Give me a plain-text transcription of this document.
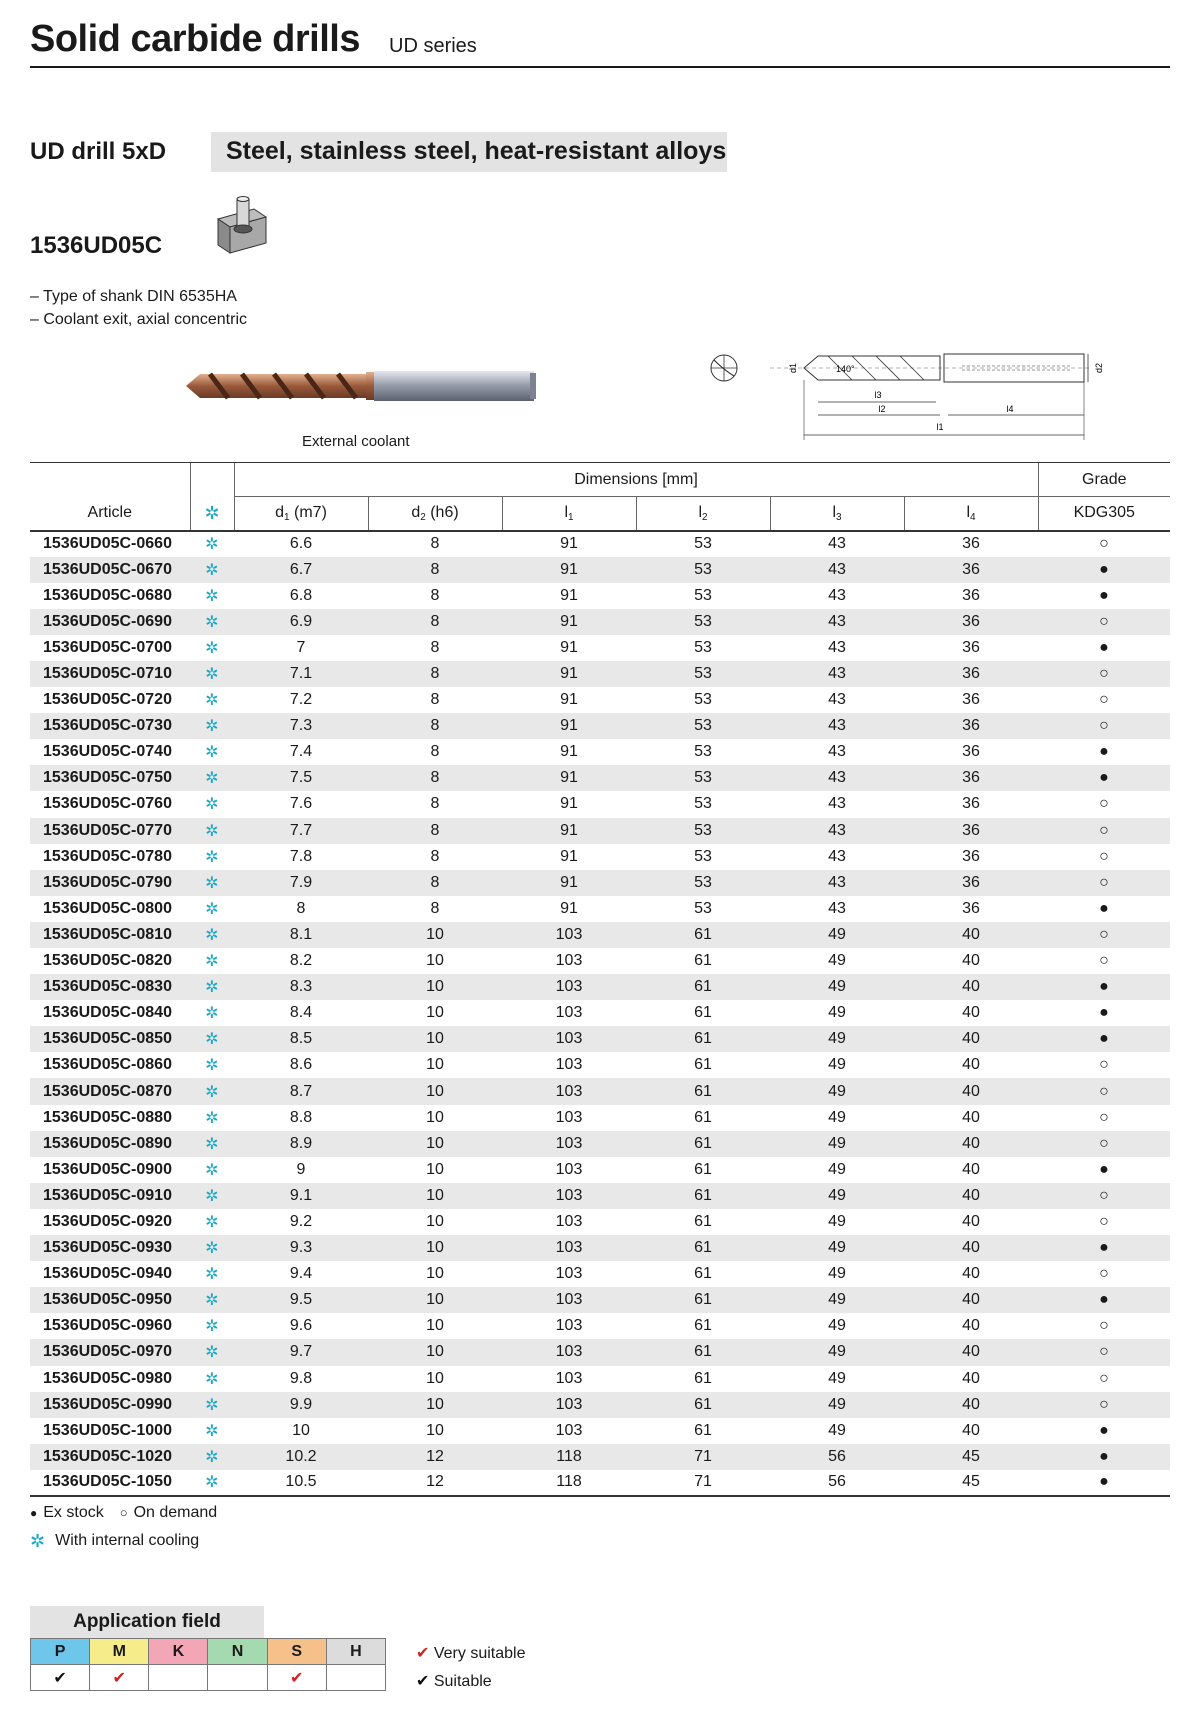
Solid carbide drills UD series
UD drill 5xD	Steel, stainless steel, heat-resistant alloys
1536UD05C
– Type of shank DIN 6535HA
– Coolant exit, axial concentric
External coolant
d1	140°	d2
l3
l2	l4
l1
Article	✲	Dimensions [mm]						Grade
		$d_1$ (m7)	$d_2$ (h6)	$l_1$	$l_2$	$l_3$	$l_4$	KDG305
1536UD05C-0660	✲	6.6	8	91	53	43	36	○
1536UD05C-0670	✲	6.7	8	91	53	43	36	●
1536UD05C-0680	✲	6.8	8	91	53	43	36	●
1536UD05C-0690	✲	6.9	8	91	53	43	36	○
1536UD05C-0700	✲	7	8	91	53	43	36	●
1536UD05C-0710	✲	7.1	8	91	53	43	36	○
1536UD05C-0720	✲	7.2	8	91	53	43	36	○
1536UD05C-0730	✲	7.3	8	91	53	43	36	○
1536UD05C-0740	✲	7.4	8	91	53	43	36	●
1536UD05C-0750	✲	7.5	8	91	53	43	36	●
1536UD05C-0760	✲	7.6	8	91	53	43	36	○
1536UD05C-0770	✲	7.7	8	91	53	43	36	○
1536UD05C-0780	✲	7.8	8	91	53	43	36	○
1536UD05C-0790	✲	7.9	8	91	53	43	36	○
1536UD05C-0800	✲	8	8	91	53	43	36	●
1536UD05C-0810	✲	8.1	10	103	61	49	40	○
1536UD05C-0820	✲	8.2	10	103	61	49	40	○
1536UD05C-0830	✲	8.3	10	103	61	49	40	●
1536UD05C-0840	✲	8.4	10	103	61	49	40	●
1536UD05C-0850	✲	8.5	10	103	61	49	40	●
1536UD05C-0860	✲	8.6	10	103	61	49	40	○
1536UD05C-0870	✲	8.7	10	103	61	49	40	○
1536UD05C-0880	✲	8.8	10	103	61	49	40	○
1536UD05C-0890	✲	8.9	10	103	61	49	40	○
1536UD05C-0900	✲	9	10	103	61	49	40	●
1536UD05C-0910	✲	9.1	10	103	61	49	40	○
1536UD05C-0920	✲	9.2	10	103	61	49	40	○
1536UD05C-0930	✲	9.3	10	103	61	49	40	●
1536UD05C-0940	✲	9.4	10	103	61	49	40	○
1536UD05C-0950	✲	9.5	10	103	61	49	40	●
1536UD05C-0960	✲	9.6	10	103	61	49	40	○
1536UD05C-0970	✲	9.7	10	103	61	49	40	○
1536UD05C-0980	✲	9.8	10	103	61	49	40	○
1536UD05C-0990	✲	9.9	10	103	61	49	40	○
1536UD05C-1000	✲	10	10	103	61	49	40	●
1536UD05C-1020	✲	10.2	12	118	71	56	45	●
1536UD05C-1050	✲	10.5	12	118	71	56	45	●
● Ex stock ○ On demand
✲ With internal cooling
Application field
P	M	K	N	S	H
✔	✔			✔	
✔ Very suitable
✔ Suitable
